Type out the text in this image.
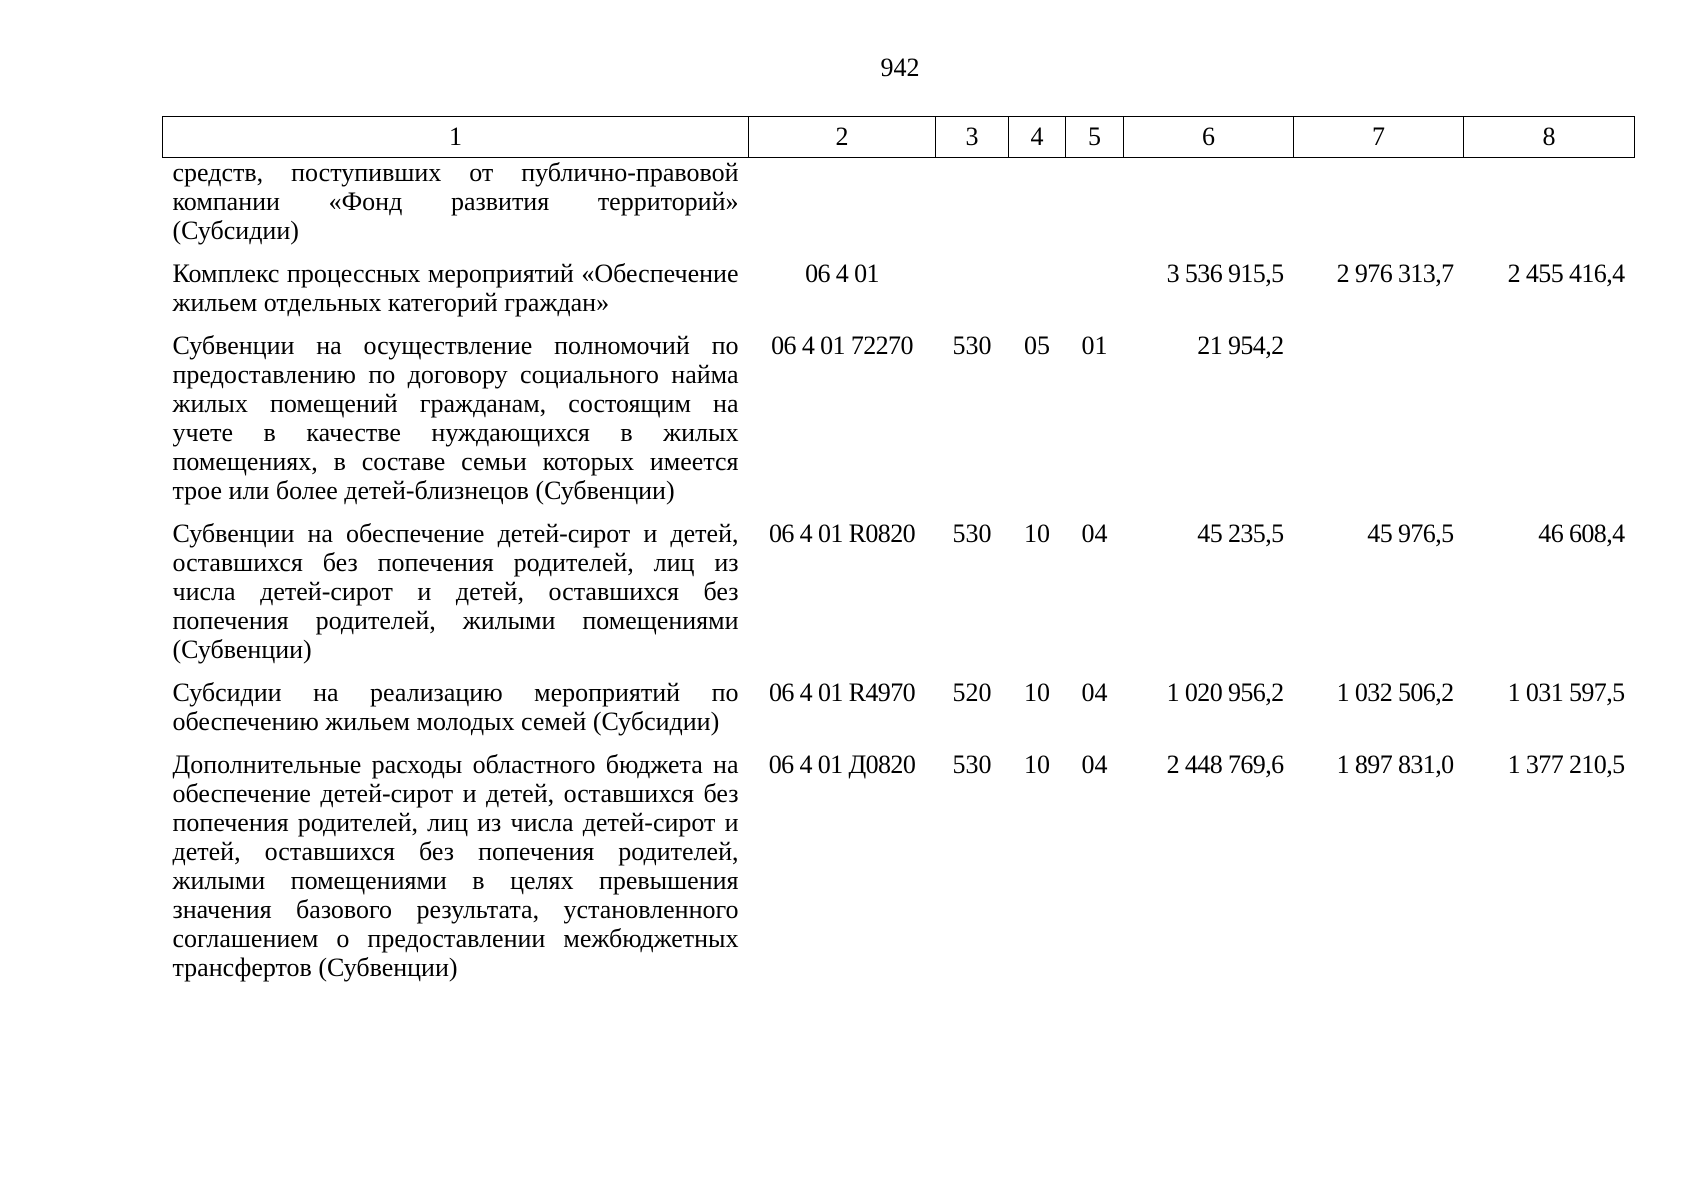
942
1	2	3	4	5	6	7	8
средств, поступивших от публично-правовой компании «Фонд развития территорий» (Субсидии)							
Комплекс процессных мероприятий «Обеспечение жильем отдельных категорий граждан»	06 4 01				3 536 915,5	2 976 313,7	2 455 416,4
Субвенции на осуществление полномочий по предоставлению по договору социального найма жилых помещений гражданам, состоящим на учете в качестве нуждающихся в жилых помещениях, в составе семьи которых имеется трое или более детей-близнецов (Субвенции)	06 4 01 72270	530	05	01	21 954,2		
Субвенции на обеспечение детей-сирот и детей, оставшихся без попечения родителей, лиц из числа детей-сирот и детей, оставшихся без попечения родителей, жилыми помещениями (Субвенции)	06 4 01 R0820	530	10	04	45 235,5	45 976,5	46 608,4
Субсидии на реализацию мероприятий по обеспечению жильем молодых семей (Субсидии)	06 4 01 R4970	520	10	04	1 020 956,2	1 032 506,2	1 031 597,5
Дополнительные расходы областного бюджета на обеспечение детей-сирот и детей, оставшихся без попечения родителей, лиц из числа детей-сирот и детей, оставшихся без попечения родителей, жилыми помещениями в целях превышения значения базового результата, установленного соглашением о предоставлении межбюджетных трансфертов (Субвенции)	06 4 01 Д0820	530	10	04	2 448 769,6	1 897 831,0	1 377 210,5
